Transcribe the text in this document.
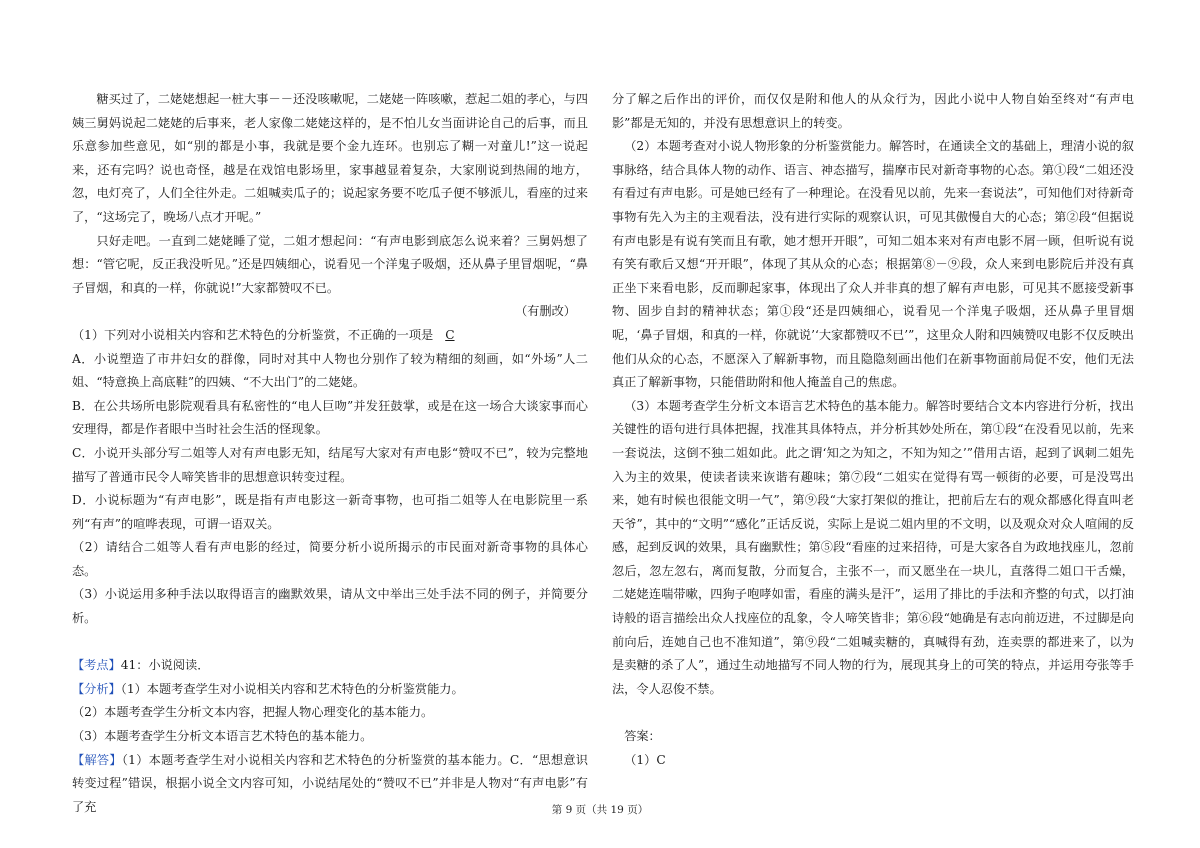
糖买过了，二姥姥想起一桩大事－－还没咳嗽呢，二姥姥一阵咳嗽，惹起二姐的孝心，与四姨三舅妈说起二姥姥的后事来，老人家像二姥姥这样的，是不怕儿女当面讲论自己的后事，而且乐意参加些意见，如“别的都是小事，我就是要个金九连环。也别忘了糊一对童儿!”这一说起来，还有完吗？说也奇怪，越是在戏馆电影场里，家事越显着复杂，大家刚说到热闹的地方，忽，电灯亮了，人们全往外走。二姐喊卖瓜子的；说起家务要不吃瓜子便不够派儿，看座的过来了，“这场完了，晚场八点才开呢。”

只好走吧。一直到二姥姥睡了觉，二姐才想起问：“有声电影到底怎么说来着？三舅妈想了想：“管它呢，反正我没听见。”还是四姨细心，说看见一个洋鬼子吸烟，还从鼻子里冒烟呢，“鼻子冒烟，和真的一样，你就说!”大家都赞叹不已。

（有删改）

（1）下列对小说相关内容和艺术特色的分析鉴赏，不正确的一项是 C

A．小说塑造了市井妇女的群像，同时对其中人物也分别作了较为精细的刻画，如“外场”人二姐、“特意换上高底鞋”的四姨、“不大出门”的二姥姥。

B．在公共场所电影院观看具有私密性的“电人巨吻”并发狂鼓掌，或是在这一场合大谈家事而心安理得，都是作者眼中当时社会生活的怪现象。

C．小说开头部分写二姐等人对有声电影无知，结尾写大家对有声电影“赞叹不已”，较为完整地描写了普通市民令人啼笑皆非的思想意识转变过程。

D．小说标题为“有声电影”，既是指有声电影这一新奇事物，也可指二姐等人在电影院里一系列“有声”的喧哗表现，可谓一语双关。

（2）请结合二姐等人看有声电影的经过，简要分析小说所揭示的市民面对新奇事物的具体心态。

（3）小说运用多种手法以取得语言的幽默效果，请从文中举出三处手法不同的例子，并简要分析。

【考点】41：小说阅读．

【分析】（1）本题考查学生对小说相关内容和艺术特色的分析鉴赏能力。

（2）本题考查学生分析文本内容，把握人物心理变化的基本能力。

（3）本题考查学生分析文本语言艺术特色的基本能力。

【解答】（1）本题考查学生对小说相关内容和艺术特色的分析鉴赏的基本能力。C．“思想意识转变过程”错误，根据小说全文内容可知，小说结尾处的“赞叹不已”并非是人物对“有声电影”有了充

分了解之后作出的评价，而仅仅是附和他人的从众行为，因此小说中人物自始至终对“有声电影”都是无知的，并没有思想意识上的转变。

（2）本题考查对小说人物形象的分析鉴赏能力。解答时，在通读全文的基础上，理清小说的叙事脉络，结合具体人物的动作、语言、神态描写，揣摩市民对新奇事物的心态。第①段“二姐还没有看过有声电影。可是她已经有了一种理论。在没看见以前，先来一套说法”，可知他们对待新奇事物有先入为主的主观看法，没有进行实际的观察认识，可见其傲慢自大的心态；第②段“但据说有声电影是有说有笑而且有歌，她才想开开眼”，可知二姐本来对有声电影不屑一顾，但听说有说有笑有歌后又想“开开眼”，体现了其从众的心态；根据第⑧－⑨段，众人来到电影院后并没有真正坐下来看电影，反而聊起家事，体现出了众人并非真的想了解有声电影，可见其不愿接受新事物、固步自封的精神状态；第①段“还是四姨细心，说看见一个洋鬼子吸烟，还从鼻子里冒烟呢，‘鼻子冒烟，和真的一样，你就说’‘大家都赞叹不已’”，这里众人附和四姨赞叹电影不仅反映出他们从众的心态，不愿深入了解新事物，而且隐隐刻画出他们在新事物面前局促不安，他们无法真正了解新事物，只能借助附和他人掩盖自己的焦虑。

（3）本题考查学生分析文本语言艺术特色的基本能力。解答时要结合文本内容进行分析，找出关键性的语句进行具体把握，找准其具体特点，并分析其妙处所在，第①段“在没看见以前，先来一套说法，这倒不独二姐如此。此之谓‘知之为知之，不知为知之’”借用古语，起到了讽刺二姐先入为主的效果，使读者读来诙谐有趣味；第⑦段“二姐实在觉得有骂一顿街的必要，可是没骂出来，她有时候也很能文明一气”，第⑨段“大家打架似的推让，把前后左右的观众都感化得直叫老天爷”，其中的“文明”“感化”正话反说，实际上是说二姐内里的不文明，以及观众对众人喧闹的反感，起到反讽的效果，具有幽默性；第⑤段“看座的过来招待，可是大家各自为政地找座儿，忽前忽后，忽左忽右，离而复散，分而复合，主张不一，而又愿坐在一块儿，直落得二姐口干舌燥，二姥姥连喘带嗽，四狗子咆哮如雷，看座的满头是汗”，运用了排比的手法和齐整的句式，以打油诗般的语言描绘出众人找座位的乱象，令人啼笑皆非；第⑥段“她确是有志向前迈进，不过脚是向前向后，连她自己也不准知道”，第⑨段“二姐喊卖糖的，真喊得有劲，连卖票的都进来了，以为是卖糖的杀了人”，通过生动地描写不同人物的行为，展现其身上的可笑的特点，并运用夸张等手法，令人忍俊不禁。

答案：

（1）C

第 9 页（共 19 页）
